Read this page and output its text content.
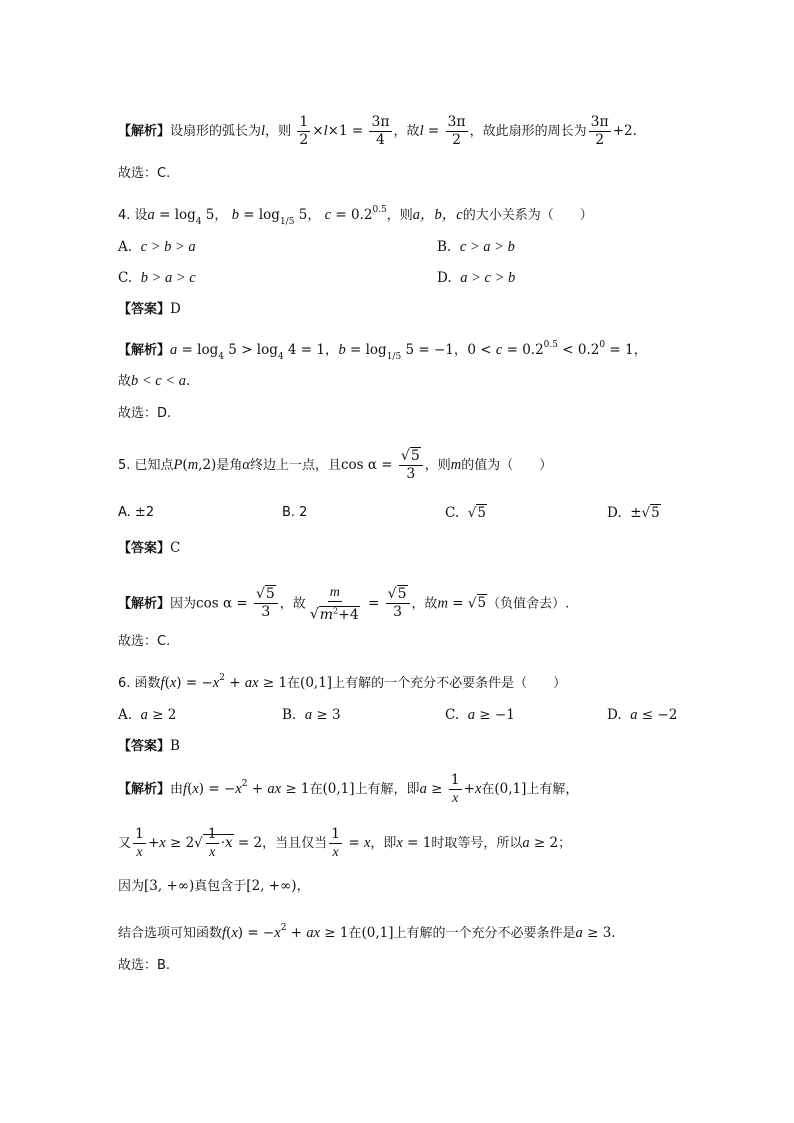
【解析】设扇形的弧长为l，则 $\frac{1}{2} \times l\times 1 = \frac{3\pi}{4}$ ，故$l = \frac{3\pi}{2}$ ，故此扇形的周长为 $\frac{3\pi}{2} +2$.
故选：C.
4. 设$a = \log_4 5$， $b = \log_{1/5} 5$， $c = 0.2^{0.5}$，则a，b，c的大小关系为（　　）
A. c > b > a	B. c > a > b
C. b > a > c	D. a > c > b
【答案】D
【解析】$a = \log_4 5 > \log_4 4 = 1$，$b = \log_{1/5} 5 = -1$，$0 < c = 0.2^{0.5} < 0.2^0 = 1$，
故b < c < a.
故选：D.
5. 已知点P(m,2)是角α终边上一点，且$\cos \alpha = \frac{√5}{3}$ ，则m的值为（　　）
A. ±2	B. 2	C. √5	D. ±√5
【答案】C
【解析】因为$\cos \alpha = \frac{√5}{3}$ ，故 $\frac{m}{√m^2+4} = \frac{√5}{3}$ ，故m = √5（负值舍去）.
故选：C.
6. 函数$f(x) = -x^2$ + ax ≥ 1在(0,1]上有解的一个充分不必要条件是（　　）
A. a ≥ 2	B. a ≥ 3	C. a ≥ −1	D. a ≤ −2
【答案】B
【解析】由$f(x) = -x^2$ + ax ≥ 1在(0,1]上有解，即$a \ge \frac{1}{x} +x$在(0,1]上有解，
又 $\frac{1}{x} +x \ge 2√ \frac{1}{x} \cdot x = 2$，当且仅当 $\frac{1}{x} = x$，即x = 1时取等号，所以a ≥ 2；
因为[3, +∞)真包含于[2, +∞)，
结合选项可知函数$f(x) = -x^2$ + ax ≥ 1在(0,1]上有解的一个充分不必要条件是a ≥ 3.
故选：B.
